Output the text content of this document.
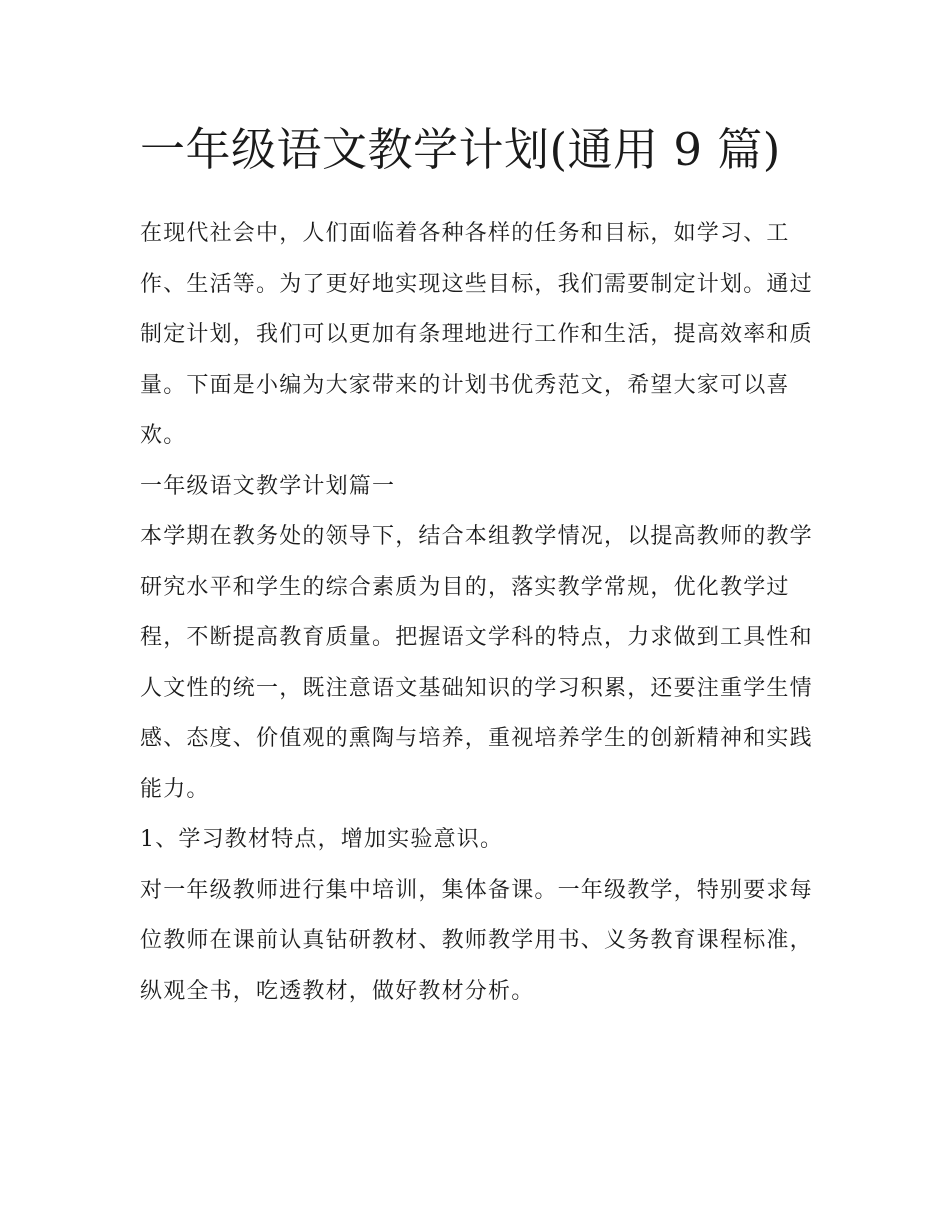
一年级语文教学计划(通用 9 篇)

在现代社会中，人们面临着各种各样的任务和目标，如学习、工作、生活等。为了更好地实现这些目标，我们需要制定计划。通过制定计划，我们可以更加有条理地进行工作和生活，提高效率和质量。下面是小编为大家带来的计划书优秀范文，希望大家可以喜欢。

一年级语文教学计划篇一

本学期在教务处的领导下，结合本组教学情况，以提高教师的教学研究水平和学生的综合素质为目的，落实教学常规，优化教学过程，不断提高教育质量。把握语文学科的特点，力求做到工具性和人文性的统一，既注意语文基础知识的学习积累，还要注重学生情感、态度、价值观的熏陶与培养，重视培养学生的创新精神和实践能力。

1、学习教材特点，增加实验意识。

对一年级教师进行集中培训，集体备课。一年级教学，特别要求每位教师在课前认真钻研教材、教师教学用书、义务教育课程标准，纵观全书，吃透教材，做好教材分析。
